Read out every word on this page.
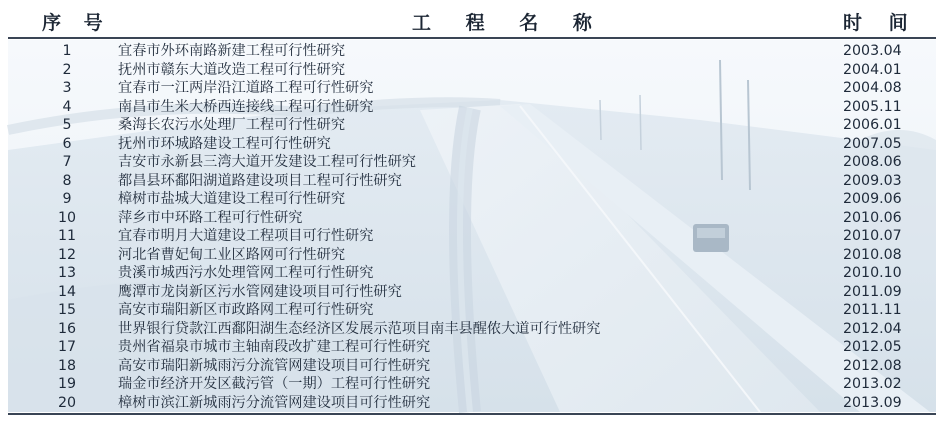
序 号	工 程 名 称	时 间
1	宜春市外环南路新建工程可行性研究	2003.04
2	抚州市赣东大道改造工程可行性研究	2004.01
3	宜春市一江两岸沿江道路工程可行性研究	2004.08
4	南昌市生米大桥西连接线工程可行性研究	2005.11
5	桑海长农污水处理厂工程可行性研究	2006.01
6	抚州市环城路建设工程可行性研究	2007.05
7	吉安市永新县三湾大道开发建设工程可行性研究	2008.06
8	都昌县环鄱阳湖道路建设项目工程可行性研究	2009.03
9	樟树市盐城大道建设工程可行性研究	2009.06
10	萍乡市中环路工程可行性研究	2010.06
11	宜春市明月大道建设工程项目可行性研究	2010.07
12	河北省曹妃甸工业区路网可行性研究	2010.08
13	贵溪市城西污水处理管网工程可行性研究	2010.10
14	鹰潭市龙岗新区污水管网建设项目可行性研究	2011.09
15	高安市瑞阳新区市政路网工程可行性研究	2011.11
16	世界银行贷款江西鄱阳湖生态经济区发展示范项目南丰县醒侬大道可行性研究	2012.04
17	贵州省福泉市城市主轴南段改扩建工程可行性研究	2012.05
18	高安市瑞阳新城雨污分流管网建设项目可行性研究	2012.08
19	瑞金市经济开发区截污管（一期）工程可行性研究	2013.02
20	樟树市滨江新城雨污分流管网建设项目可行性研究	2013.09
